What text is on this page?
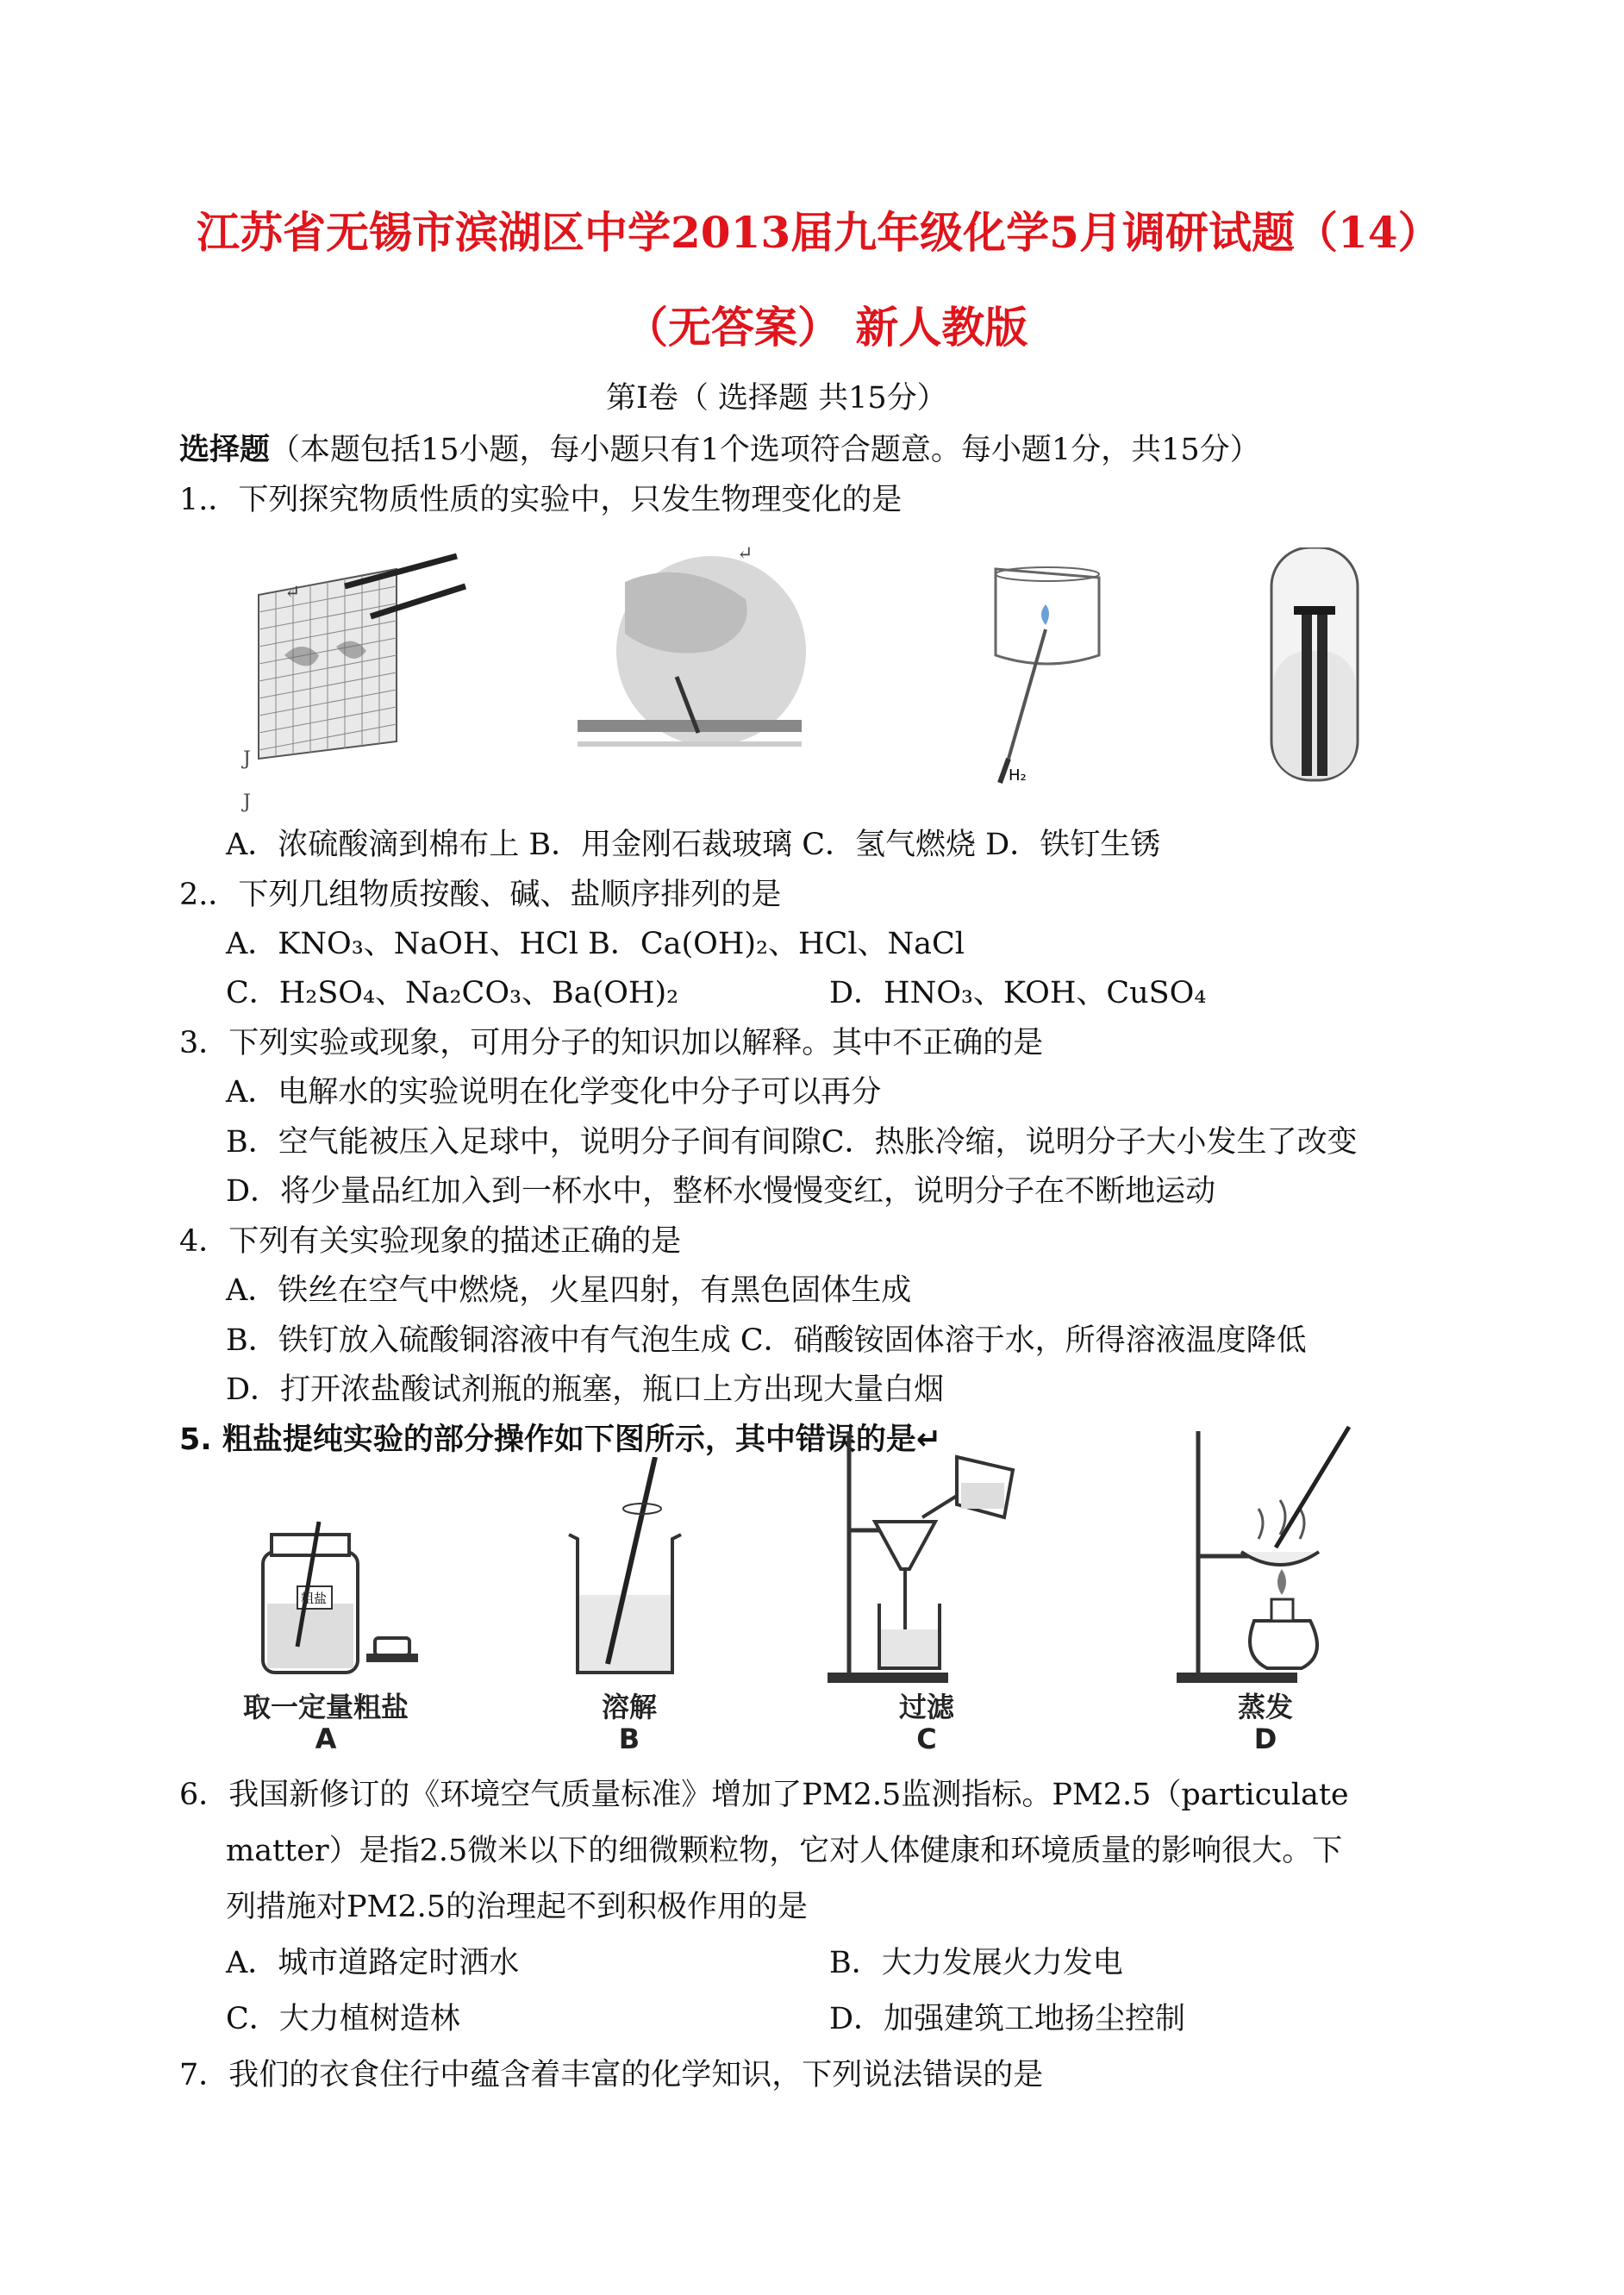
江苏省无锡市滨湖区中学2013届九年级化学5月调研试题（14）
（无答案） 新人教版
第Ⅰ卷（ 选择题 共15分）
选择题（本题包括15小题，每小题只有1个选项符合题意。每小题1分，共15分）
1.．下列探究物质性质的实验中，只发生物理变化的是
↵
J
J
↵
H₂
A．浓硫酸滴到棉布上 B．用金刚石裁玻璃 C．氢气燃烧 D．铁钉生锈
2.．下列几组物质按酸、碱、盐顺序排列的是
A．KNO₃、NaOH、HCl B．Ca(OH)₂、HCl、NaCl
C．H₂SO₄、Na₂CO₃、Ba(OH)₂	D．HNO₃、KOH、CuSO₄
3．下列实验或现象，可用分子的知识加以解释。其中不正确的是
A．电解水的实验说明在化学变化中分子可以再分
B．空气能被压入足球中，说明分子间有间隙C．热胀冷缩，说明分子大小发生了改变
D．将少量品红加入到一杯水中，整杯水慢慢变红，说明分子在不断地运动
4．下列有关实验现象的描述正确的是
A．铁丝在空气中燃烧，火星四射，有黑色固体生成
B．铁钉放入硫酸铜溶液中有气泡生成 C．硝酸铵固体溶于水，所得溶液温度降低
D．打开浓盐酸试剂瓶的瓶塞，瓶口上方出现大量白烟
5. 粗盐提纯实验的部分操作如下图所示，其中错误的是↵
粗盐
取一定量粗盐
A
溶解
B
过滤
C
蒸发
D
6．我国新修订的《环境空气质量标准》增加了PM2.5监测指标。PM2.5（particulate
matter）是指2.5微米以下的细微颗粒物，它对人体健康和环境质量的影响很大。下
列措施对PM2.5的治理起不到积极作用的是
A．城市道路定时洒水	B．大力发展火力发电
C．大力植树造林	D．加强建筑工地扬尘控制
7．我们的衣食住行中蕴含着丰富的化学知识，下列说法错误的是
